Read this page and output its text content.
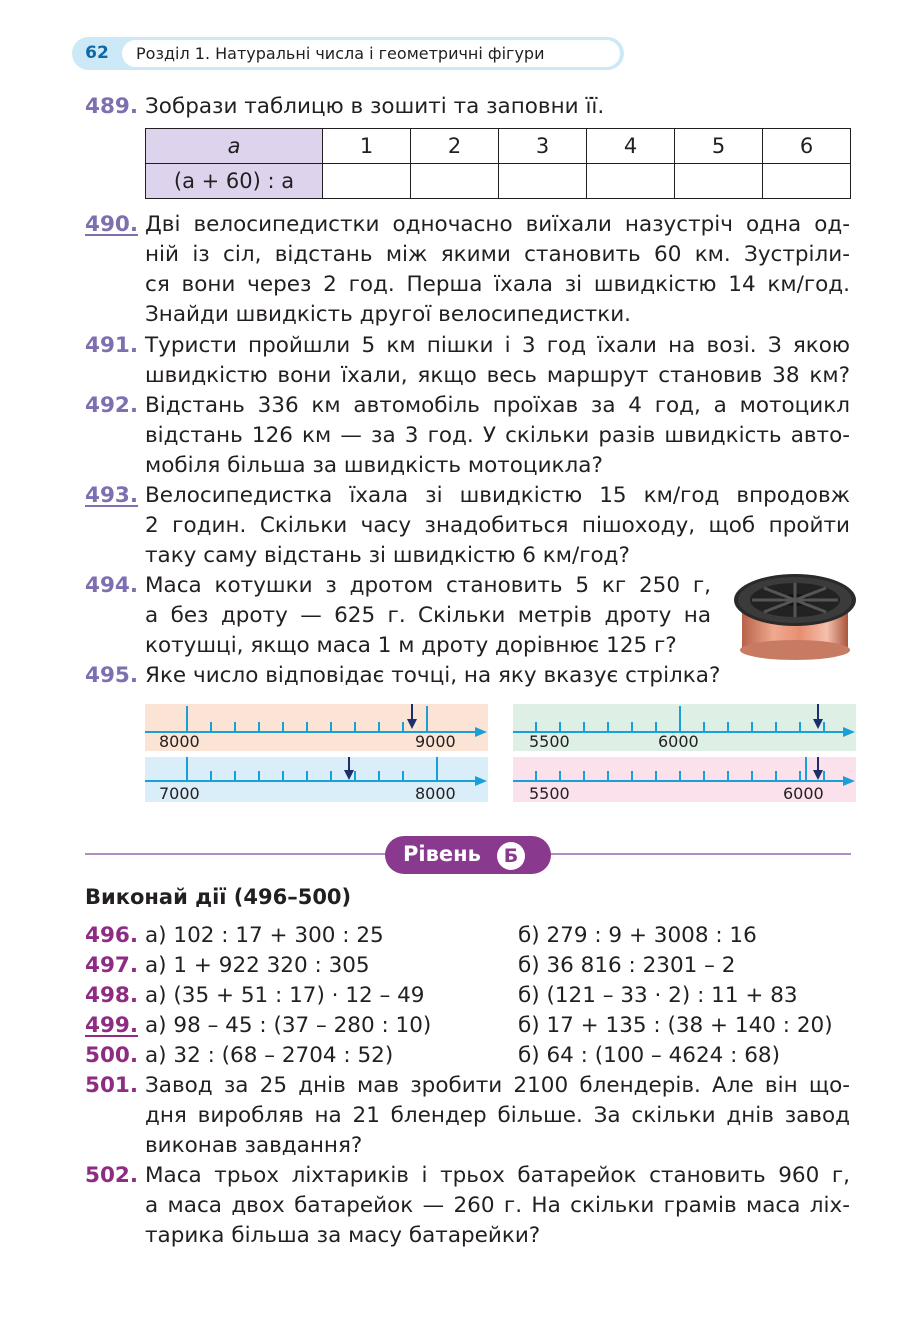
62 Розділ 1. Натуральні числа і геометричні фігури
489. Зобрази таблицю в зошиті та заповни її.
a	1	2	3	4	5	6
(a + 60) : a						
490. Дві велосипедистки одночасно виїхали назустріч одна од-
ній із сіл, відстань між якими становить 60 км. Зустріли-
ся вони через 2 год. Перша їхала зі швидкістю 14 км/год.
Знайди швидкість другої велосипедистки.
491. Туристи пройшли 5 км пішки і 3 год їхали на возі. З якою
швидкістю вони їхали, якщо весь маршрут становив 38 км?
492. Відстань 336 км автомобіль проїхав за 4 год, а мотоцикл
відстань 126 км — за 3 год. У скільки разів швидкість авто-
мобіля більша за швидкість мотоцикла?
493. Велосипедистка їхала зі швидкістю 15 км/год впродовж
2 годин. Скільки часу знадобиться пішоходу, щоб пройти
таку саму відстань зі швидкістю 6 км/год?
494. Маса котушки з дротом становить 5 кг 250 г,
а без дроту — 625 г. Скільки метрів дроту на
котушці, якщо маса 1 м дроту дорівнює 125 г?
495. Яке число відповідає точці, на яку вказує стрілка?
8000	9000	5500	6000
7000	8000	5500	6000
Рівень	Б
Виконай дії (496–500)
496. а) 102 : 17 + 300 : 25	б) 279 : 9 + 3008 : 16
497. а) 1 + 922 320 : 305	б) 36 816 : 2301 – 2
498. а) (35 + 51 : 17) · 12 – 49	б) (121 – 33 · 2) : 11 + 83
499. а) 98 – 45 : (37 – 280 : 10)	б) 17 + 135 : (38 + 140 : 20)
500. а) 32 : (68 – 2704 : 52)	б) 64 : (100 – 4624 : 68)
501. Завод за 25 днів мав зробити 2100 блендерів. Але він що-
дня виробляв на 21 блендер більше. За скільки днів завод
виконав завдання?
502. Маса трьох ліхтариків і трьох батарейок становить 960 г,
а маса двох батарейок — 260 г. На скільки грамів маса ліх-
тарика більша за масу батарейки?
